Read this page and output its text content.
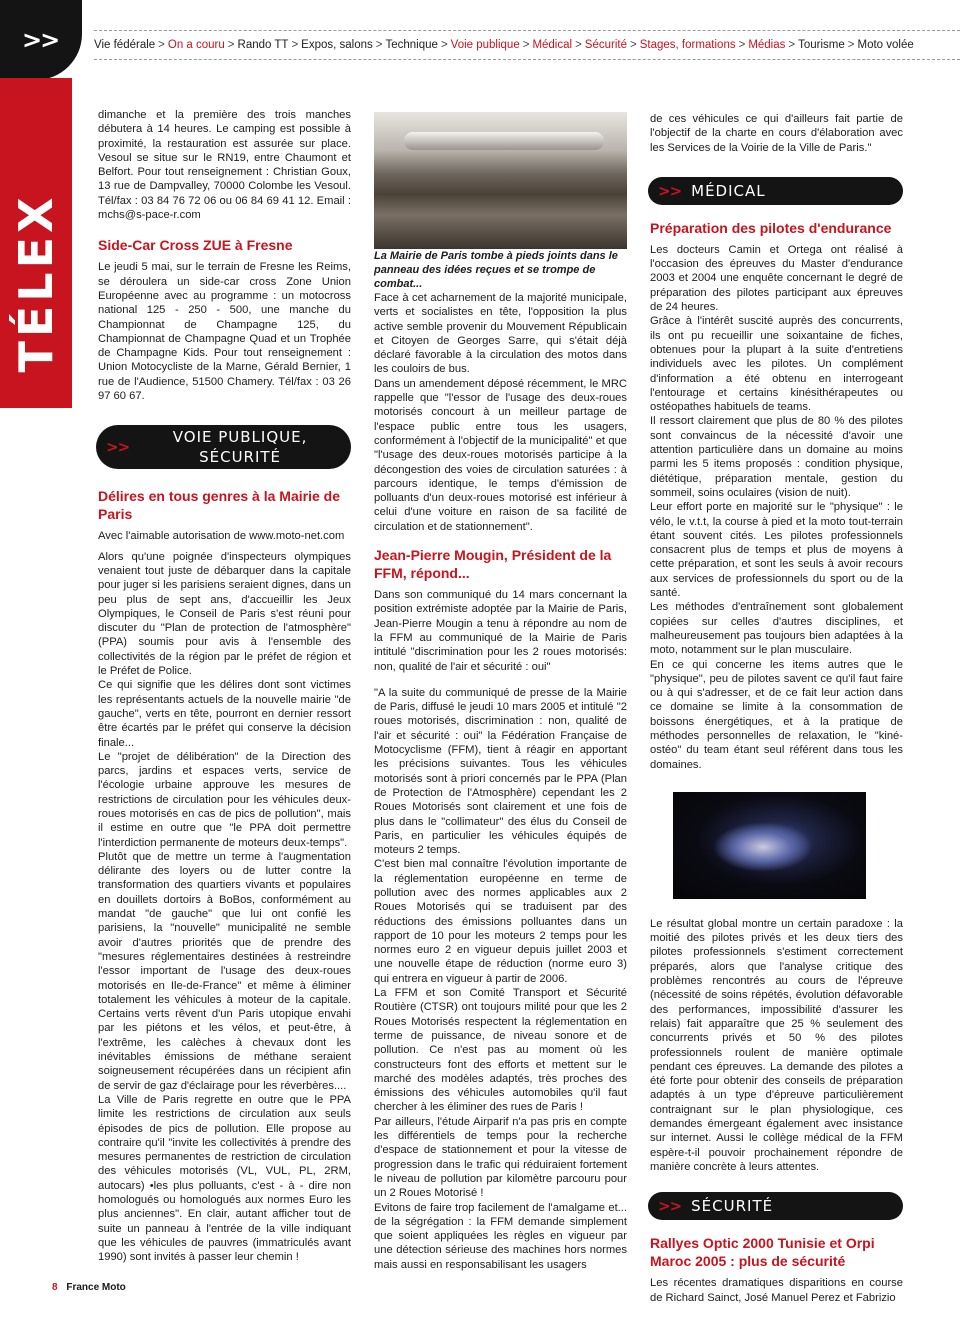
>>
TÉLEX
Vie fédérale > On a couru > Rando TT > Expos, salons > Technique > Voie publique > Médical > Sécurité > Stages, formations > Médias > Tourisme > Moto volée

dimanche et la première des trois manches débutera à 14 heures. Le camping est possible à proximité, la restauration est assurée sur place. Vesoul se situe sur le RN19, entre Chaumont et Belfort. Pour tout renseignement : Christian Goux, 13 rue de Dampvalley, 70000 Colombe les Vesoul. Tél/fax : 03 84 76 72 06 ou 06 84 69 41 12. Email : mchs@s-pace-r.com

Side-Car Cross ZUE à Fresne

Le jeudi 5 mai, sur le terrain de Fresne les Reims, se déroulera un side-car cross Zone Union Européenne avec au programme : un motocross national 125 - 250 - 500, une manche du Championnat de Champagne 125, du Championnat de Champagne Quad et un Trophée de Champagne Kids. Pour tout renseignement : Union Motocycliste de la Marne, Gérald Bernier, 1 rue de l'Audience, 51500 Chamery. Tél/fax : 03 26 97 60 67.

>>
VOIE PUBLIQUE,
SÉCURITÉ
Délires en tous genres à la Mairie de Paris

Avec l'aimable autorisation de www.moto-net.com

Alors qu'une poignée d'inspecteurs olympiques venaient tout juste de débarquer dans la capitale pour juger si les parisiens seraient dignes, dans un peu plus de sept ans, d'accueillir les Jeux Olympiques, le Conseil de Paris s'est réuni pour discuter du "Plan de protection de l'atmosphère" (PPA) soumis pour avis à l'ensemble des collectivités de la région par le préfet de région et le Préfet de Police.

Ce qui signifie que les délires dont sont victimes les représentants actuels de la nouvelle mairie "de gauche", verts en tête, pourront en dernier ressort être écartés par le préfet qui conserve la décision finale...

Le "projet de délibération" de la Direction des parcs, jardins et espaces verts, service de l'écologie urbaine approuve les mesures de restrictions de circulation pour les véhicules deux-roues motorisés en cas de pics de pollution", mais il estime en outre que "le PPA doit permettre l'interdiction permanente de moteurs deux-temps".

Plutôt que de mettre un terme à l'augmentation délirante des loyers ou de lutter contre la transformation des quartiers vivants et populaires en douillets dortoirs à BoBos, conformément au mandat "de gauche" que lui ont confié les parisiens, la "nouvelle" municipalité ne semble avoir d'autres priorités que de prendre des "mesures réglementaires destinées à restreindre l'essor important de l'usage des deux-roues motorisés en Ile-de-France" et même à éliminer totalement les véhicules à moteur de la capitale. Certains verts rêvent d'un Paris utopique envahi par les piétons et les vélos, et peut-être, à l'extrême, les calèches à chevaux dont les inévitables émissions de méthane seraient soigneusement récupérées dans un récipient afin de servir de gaz d'éclairage pour les réverbères....

La Ville de Paris regrette en outre que le PPA limite les restrictions de circulation aux seuls épisodes de pics de pollution. Elle propose au contraire qu'il "invite les collectivités à prendre des mesures permanentes de restriction de circulation des véhicules motorisés (VL, VUL, PL, 2RM, autocars) •les plus polluants, c'est - à - dire non homologués ou homologués aux normes Euro les plus anciennes". En clair, autant afficher tout de suite un panneau à l'entrée de la ville indiquant que les véhicules de pauvres (immatriculés avant 1990) sont invités à passer leur chemin !

La Mairie de Paris tombe à pieds joints dans le panneau des idées reçues et se trompe de combat...

Face à cet acharnement de la majorité municipale, verts et socialistes en tête, l'opposition la plus active semble provenir du Mouvement Républicain et Citoyen de Georges Sarre, qui s'était déjà déclaré favorable à la circulation des motos dans les couloirs de bus.

Dans un amendement déposé récemment, le MRC rappelle que "l'essor de l'usage des deux-roues motorisés concourt à un meilleur partage de l'espace public entre tous les usagers, conformément à l'objectif de la municipalité" et que "l'usage des deux-roues motorisés participe à la décongestion des voies de circulation saturées : à parcours identique, le temps d'émission de polluants d'un deux-roues motorisé est inférieur à celui d'une voiture en raison de sa facilité de circulation et de stationnement".

Jean-Pierre Mougin, Président de la FFM, répond...

Dans son communiqué du 14 mars concernant la position extrémiste adoptée par la Mairie de Paris, Jean-Pierre Mougin a tenu à répondre au nom de la FFM au communiqué de la Mairie de Paris intitulé "discrimination pour les 2 roues motorisés: non, qualité de l'air et sécurité : oui"

"A la suite du communiqué de presse de la Mairie de Paris, diffusé le jeudi 10 mars 2005 et intitulé "2 roues motorisés, discrimination : non, qualité de l'air et sécurité : oui" la Fédération Française de Motocyclisme (FFM), tient à réagir en apportant les précisions suivantes. Tous les véhicules motorisés sont à priori concernés par le PPA (Plan de Protection de l'Atmosphère) cependant les 2 Roues Motorisés sont clairement et une fois de plus dans le "collimateur" des élus du Conseil de Paris, en particulier les véhicules équipés de moteurs 2 temps.

C'est bien mal connaître l'évolution importante de la réglementation européenne en terme de pollution avec des normes applicables aux 2 Roues Motorisés qui se traduisent par des réductions des émissions polluantes dans un rapport de 10 pour les moteurs 2 temps pour les normes euro 2 en vigueur depuis juillet 2003 et une nouvelle étape de réduction (norme euro 3) qui entrera en vigueur à partir de 2006.

La FFM et son Comité Transport et Sécurité Routière (CTSR) ont toujours milité pour que les 2 Roues Motorisés respectent la réglementation en terme de puissance, de niveau sonore et de pollution. Ce n'est pas au moment où les constructeurs font des efforts et mettent sur le marché des modèles adaptés, très proches des émissions des véhicules automobiles qu'il faut chercher à les éliminer des rues de Paris !

Par ailleurs, l'étude Airparif n'a pas pris en compte les différentiels de temps pour la recherche d'espace de stationnement et pour la vitesse de progression dans le trafic qui réduiraient fortement le niveau de pollution par kilomètre parcouru pour un 2 Roues Motorisé !

Evitons de faire trop facilement de l'amalgame et... de la ségrégation : la FFM demande simplement que soient appliquées les règles en vigueur par une détection sérieuse des machines hors normes mais aussi en responsabilisant les usagers

de ces véhicules ce qui d'ailleurs fait partie de l'objectif de la charte en cours d'élaboration avec les Services de la Voirie de la Ville de Paris."

>> MÉDICAL
Préparation des pilotes d'endurance

Les docteurs Camin et Ortega ont réalisé à l'occasion des épreuves du Master d'endurance 2003 et 2004 une enquête concernant le degré de préparation des pilotes participant aux épreuves de 24 heures.

Grâce à l'intérêt suscité auprès des concurrents, ils ont pu recueillir une soixantaine de fiches, obtenues pour la plupart à la suite d'entretiens individuels avec les pilotes. Un complément d'information a été obtenu en interrogeant l'entourage et certains kinésithérapeutes ou ostéopathes habituels de teams.

Il ressort clairement que plus de 80 % des pilotes sont convaincus de la nécessité d'avoir une attention particulière dans un domaine au moins parmi les 5 items proposés : condition physique, diététique, préparation mentale, gestion du sommeil, soins oculaires (vision de nuit).

Leur effort porte en majorité sur le "physique" : le vélo, le v.t.t, la course à pied et la moto tout-terrain étant souvent cités. Les pilotes professionnels consacrent plus de temps et plus de moyens à cette préparation, et sont les seuls à avoir recours aux services de professionnels du sport ou de la santé.

Les méthodes d'entraînement sont globalement copiées sur celles d'autres disciplines, et malheureusement pas toujours bien adaptées à la moto, notamment sur le plan musculaire.

En ce qui concerne les items autres que le "physique", peu de pilotes savent ce qu'il faut faire ou à qui s'adresser, et de ce fait leur action dans ce domaine se limite à la consommation de boissons énergétiques, et à la pratique de méthodes personnelles de relaxation, le "kiné-ostéo" du team étant seul référent dans tous les domaines.

Le résultat global montre un certain paradoxe : la moitié des pilotes privés et les deux tiers des pilotes professionnels s'estiment correctement préparés, alors que l'analyse critique des problèmes rencontrés au cours de l'épreuve (nécessité de soins répétés, évolution défavorable des performances, impossibilité d'assurer les relais) fait apparaître que 25 % seulement des concurrents privés et 50 % des pilotes professionnels roulent de manière optimale pendant ces épreuves. La demande des pilotes a été forte pour obtenir des conseils de préparation adaptés à un type d'épreuve particulièrement contraignant sur le plan physiologique, ces demandes émergeant également avec insistance sur internet. Aussi le collège médical de la FFM espère-t-il pouvoir prochainement répondre de manière concrète à leurs attentes.

>> SÉCURITÉ
Rallyes Optic 2000 Tunisie et Orpi Maroc 2005 : plus de sécurité

Les récentes dramatiques disparitions en course de Richard Sainct, José Manuel Perez et Fabrizio

8 France Moto
